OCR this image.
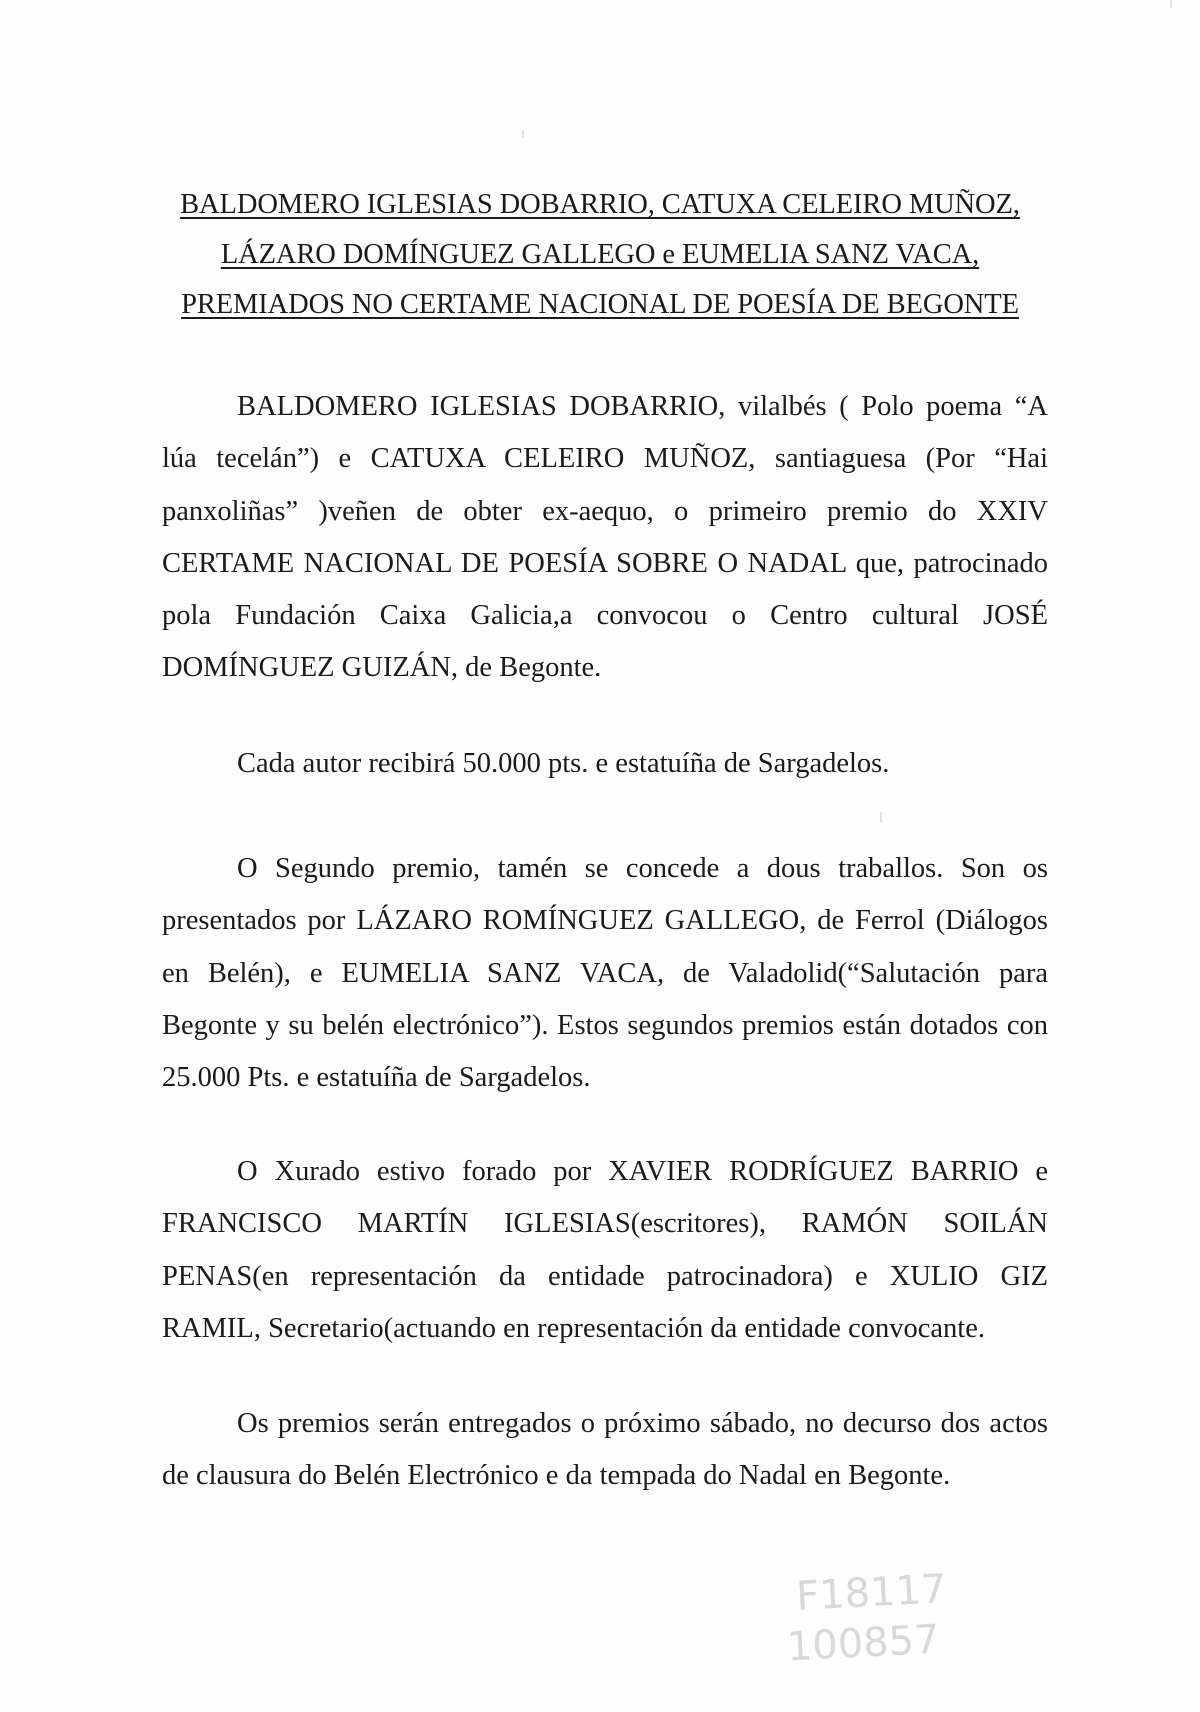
BALDOMERO IGLESIAS DOBARRIO, CATUXA CELEIRO MUÑOZ,
LÁZARO DOMÍNGUEZ GALLEGO e EUMELIA SANZ VACA,
PREMIADOS NO CERTAME NACIONAL DE POESÍA DE BEGONTE

BALDOMERO IGLESIAS DOBARRIO, vilalbés ( Polo poema “A lúa tecelán”) e CATUXA CELEIRO MUÑOZ, santiaguesa (Por “Hai panxoliñas” )veñen de obter ex-aequo, o primeiro premio do XXIV CERTAME NACIONAL DE POESÍA SOBRE O NADAL que, patrocinado pola Fundación Caixa Galicia,a convocou o Centro cultural JOSÉ DOMÍNGUEZ GUIZÁN, de Begonte.

Cada autor recibirá 50.000 pts. e estatuíña de Sargadelos.

O Segundo premio, tamén se concede a dous traballos. Son os presentados por LÁZARO ROMÍNGUEZ GALLEGO, de Ferrol (Diálogos en Belén), e EUMELIA SANZ VACA, de Valadolid(“Salutación para Begonte y su belén electrónico”). Estos segundos premios están dotados con 25.000 Pts. e estatuíña de Sargadelos.

O Xurado estivo forado por XAVIER RODRÍGUEZ BARRIO e FRANCISCO MARTÍN IGLESIAS(escritores), RAMÓN SOILÁN PENAS(en representación da entidade patrocinadora) e XULIO GIZ RAMIL, Secretario(actuando en representación da entidade convocante.

Os premios serán entregados o próximo sábado, no decurso dos actos de clausura do Belén Electrónico e da tempada do Nadal en Begonte.

F18117
100857
